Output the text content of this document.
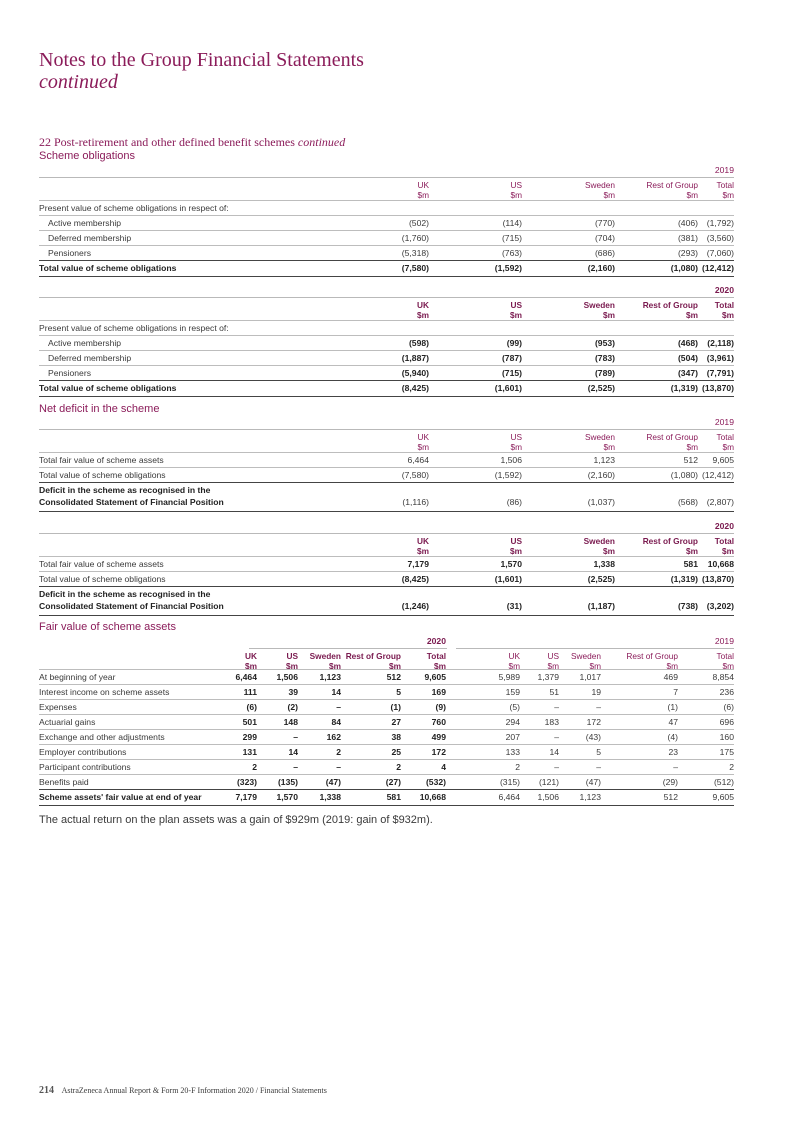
Notes to the Group Financial Statements
continued
22 Post-retirement and other defined benefit schemes continued
Scheme obligations
2019
UK
$m
US
$m
Sweden
$m
Rest of Group
$m
Total
$m
Present value of scheme obligations in respect of:
Active membership	(502)	(114)	(770)	(406)	(1,792)
Deferred membership	(1,760)	(715)	(704)	(381)	(3,560)
Pensioners	(5,318)	(763)	(686)	(293)	(7,060)
Total value of scheme obligations	(7,580)	(1,592)	(2,160)	(1,080) (12,412)
2020
UK
$m
US
$m
Sweden
$m
Rest of Group
$m
Total
$m
Present value of scheme obligations in respect of:
Active membership	(598)	(99)	(953)	(468)	(2,118)
Deferred membership	(1,887)	(787)	(783)	(504)	(3,961)
Pensioners	(5,940)	(715)	(789)	(347)	(7,791)
Total value of scheme obligations	(8,425)	(1,601)	(2,525)	(1,319) (13,870)
Net deficit in the scheme
2019
UK
$m
US
$m
Sweden
$m
Rest of Group
$m
Total
$m
Total fair value of scheme assets	6,464	1,506	1,123	512	9,605
Total value of scheme obligations	(7,580)	(1,592)	(2,160)	(1,080) (12,412)
Deficit in the scheme as recognised in the
Consolidated Statement of Financial Position	(1,116)	(86)	(1,037)	(568)	(2,807)
2020
UK
$m
US
$m
Sweden
$m
Rest of Group
$m
Total
$m
Total fair value of scheme assets	7,179	1,570	1,338	581	10,668
Total value of scheme obligations	(8,425)	(1,601)	(2,525)	(1,319) (13,870)
Deficit in the scheme as recognised in the
Consolidated Statement of Financial Position	(1,246)	(31)	(1,187)	(738)	(3,202)
Fair value of scheme assets
2020	2019
UK
$m
US
$m
Sweden
$m
Rest of Group
$m
Total
$m
UK
$m
US
$m
Sweden
$m
Rest of Group
$m
Total
$m
At beginning of year	6,464	1,506	1,123	512	9,605	5,989	1,379	1,017	469	8,854
Interest income on scheme assets	111	39	14	5	169	159	51	19	7	236
Expenses	(6)	(2)	–	(1)	(9)	(5)	–	–	(1)	(6)
Actuarial gains	501	148	84	27	760	294	183	172	47	696
Exchange and other adjustments	299	–	162	38	499	207	–	(43)	(4)	160
Employer contributions	131	14	2	25	172	133	14	5	23	175
Participant contributions	2	–	–	2	4	2	–	–	–	2
Benefits paid	(323)	(135)	(47)	(27)	(532)	(315)	(121)	(47)	(29)	(512)
Scheme assets' fair value at end of year	7,179	1,570	1,338	581	10,668	6,464	1,506	1,123	512	9,605
The actual return on the plan assets was a gain of $929m (2019: gain of $932m).
214 AstraZeneca Annual Report & Form 20-F Information 2020 / Financial Statements
